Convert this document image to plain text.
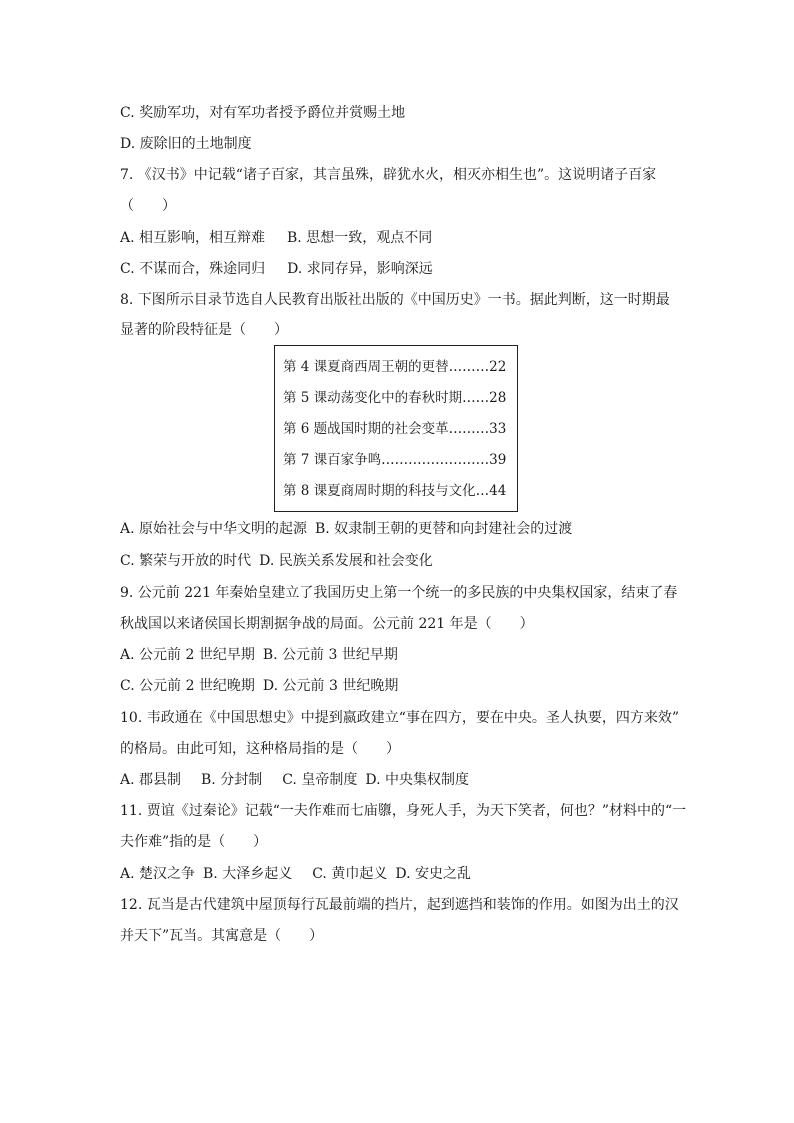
C. 奖励军功，对有军功者授予爵位并赏赐土地
D. 废除旧的土地制度
7. 《汉书》中记载“诸子百家，其言虽殊，辟犹水火，相灭亦相生也”。这说明诸子百家
（　　）
A. 相互影响，相互辩难 B. 思想一致，观点不同
C. 不谋而合，殊途同归 D. 求同存异，影响深远
8. 下图所示目录节选自人民教育出版社出版的《中国历史》一书。据此判断，这一时期最
显著的阶段特征是（　　）
第 4 课夏商西周王朝的更替………22
第 5 课动荡变化中的春秋时期……28
第 6 题战国时期的社会变革………33
第 7 课百家争鸣……………………39
第 8 课夏商周时期的科技与文化…44
A. 原始社会与中华文明的起源 B. 奴隶制王朝的更替和向封建社会的过渡
C. 繁荣与开放的时代 D. 民族关系发展和社会变化
9. 公元前 221 年秦始皇建立了我国历史上第一个统一的多民族的中央集权国家，结束了春
秋战国以来诸侯国长期割据争战的局面。公元前 221 年是（　　）
A. 公元前 2 世纪早期 B. 公元前 3 世纪早期
C. 公元前 2 世纪晚期 D. 公元前 3 世纪晚期
10. 韦政通在《中国思想史》中提到嬴政建立“事在四方，要在中央。圣人执要，四方来效”
的格局。由此可知，这种格局指的是（　　）
A. 郡县制 B. 分封制 C. 皇帝制度 D. 中央集权制度
11. 贾谊《过秦论》记载“一夫作难而七庙隳，身死人手，为天下笑者，何也？”材料中的“一
夫作难”指的是（　　）
A. 楚汉之争 B. 大泽乡起义 C. 黄巾起义 D. 安史之乱
12. 瓦当是古代建筑中屋顶每行瓦最前端的挡片，起到遮挡和装饰的作用。如图为出土的汉
并天下”瓦当。其寓意是（　　）
